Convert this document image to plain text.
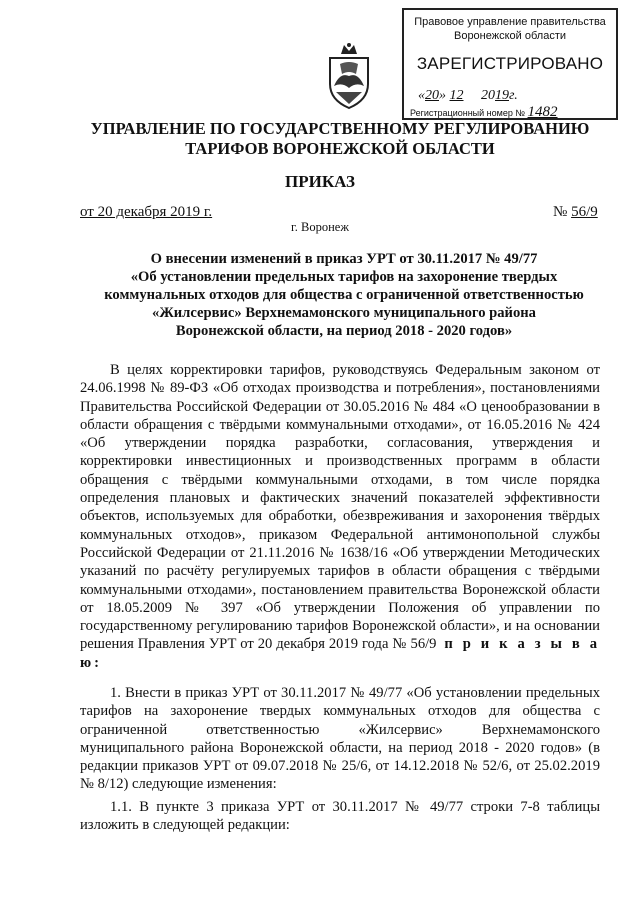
Правовое управление правительства
Воронежской области
ЗАРЕГИСТРИРОВАНО
«20» 12 2019г.
Регистрационный номер № 1482
УПРАВЛЕНИЕ ПО ГОСУДАРСТВЕННОМУ РЕГУЛИРОВАНИЮ
ТАРИФОВ ВОРОНЕЖСКОЙ ОБЛАСТИ
ПРИКАЗ
от 20 декабря 2019 г.	№ 56/9
г. Воронеж
О внесении изменений в приказ УРТ от 30.11.2017 № 49/77
«Об установлении предельных тарифов на захоронение твердых
коммунальных отходов для общества с ограниченной ответственностью
«Жилсервис» Верхнемамонского муниципального района
Воронежской области, на период 2018 - 2020 годов»

В целях корректировки тарифов, руководствуясь Федеральным законом от 24.06.1998 № 89-ФЗ «Об отходах производства и потребления», постановлениями Правительства Российской Федерации от 30.05.2016 № 484 «О ценообразовании в области обращения с твёрдыми коммунальными отходами», от 16.05.2016 № 424 «Об утверждении порядка разработки, согласования, утверждения и корректировки инвестиционных и производственных программ в области обращения с твёрдыми коммунальными отходами, в том числе порядка определения плановых и фактических значений показателей эффективности объектов, используемых для обработки, обезвреживания и захоронения твёрдых коммунальных отходов», приказом Федеральной антимонопольной службы Российской Федерации от 21.11.2016 № 1638/16 «Об утверждении Методических указаний по расчёту регулируемых тарифов в области обращения с твёрдыми коммунальными отходами», постановлением правительства Воронежской области от 18.05.2009 № 397 «Об утверждении Положения об управлении по государственному регулированию тарифов Воронежской области», и на основании решения Правления УРТ от 20 декабря 2019 года № 56/9 п р и к а з ы в а ю:

1. Внести в приказ УРТ от 30.11.2017 № 49/77 «Об установлении предельных тарифов на захоронение твердых коммунальных отходов для общества с ограниченной ответственностью «Жилсервис» Верхнемамонского муниципального района Воронежской области, на период 2018 - 2020 годов» (в редакции приказов УРТ от 09.07.2018 № 25/6, от 14.12.2018 № 52/6, от 25.02.2019 № 8/12) следующие изменения:

1.1. В пункте 3 приказа УРТ от 30.11.2017 № 49/77 строки 7-8 таблицы изложить в следующей редакции:
